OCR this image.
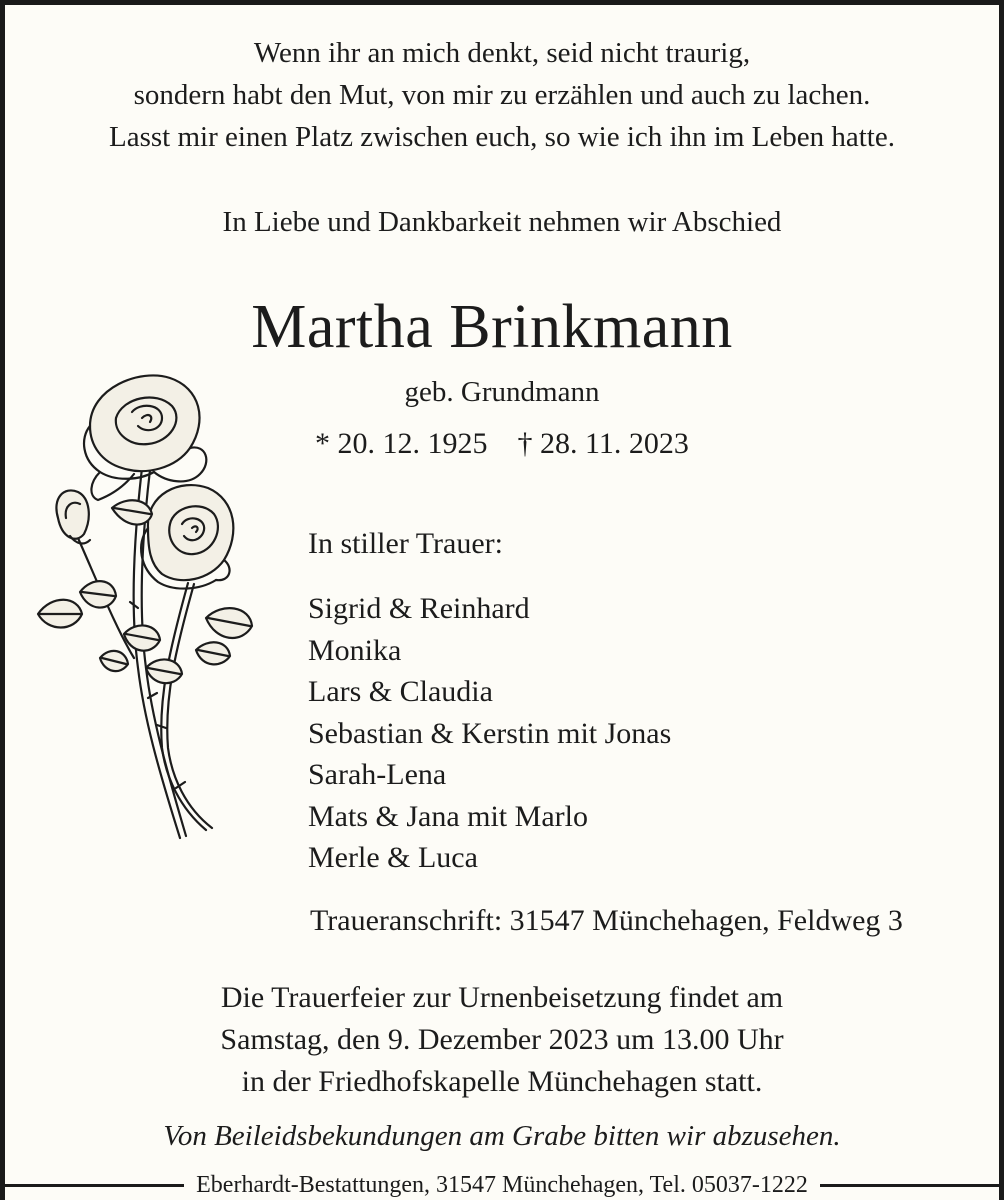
Wenn ihr an mich denkt, seid nicht traurig,
sondern habt den Mut, von mir zu erzählen und auch zu lachen.
Lasst mir einen Platz zwischen euch, so wie ich ihn im Leben hatte.
In Liebe und Dankbarkeit nehmen wir Abschied
Martha Brinkmann
geb. Grundmann
* 20. 12. 1925 † 28. 11. 2023
In stiller Trauer:
Sigrid & Reinhard
Monika
Lars & Claudia
Sebastian & Kerstin mit Jonas
Sarah-Lena
Mats & Jana mit Marlo
Merle & Luca
Traueranschrift: 31547 Münchehagen, Feldweg 3
Die Trauerfeier zur Urnenbeisetzung findet am
Samstag, den 9. Dezember 2023 um 13.00 Uhr
in der Friedhofskapelle Münchehagen statt.
Von Beileidsbekundungen am Grabe bitten wir abzusehen.
Eberhardt-Bestattungen, 31547 Münchehagen, Tel. 05037-1222
